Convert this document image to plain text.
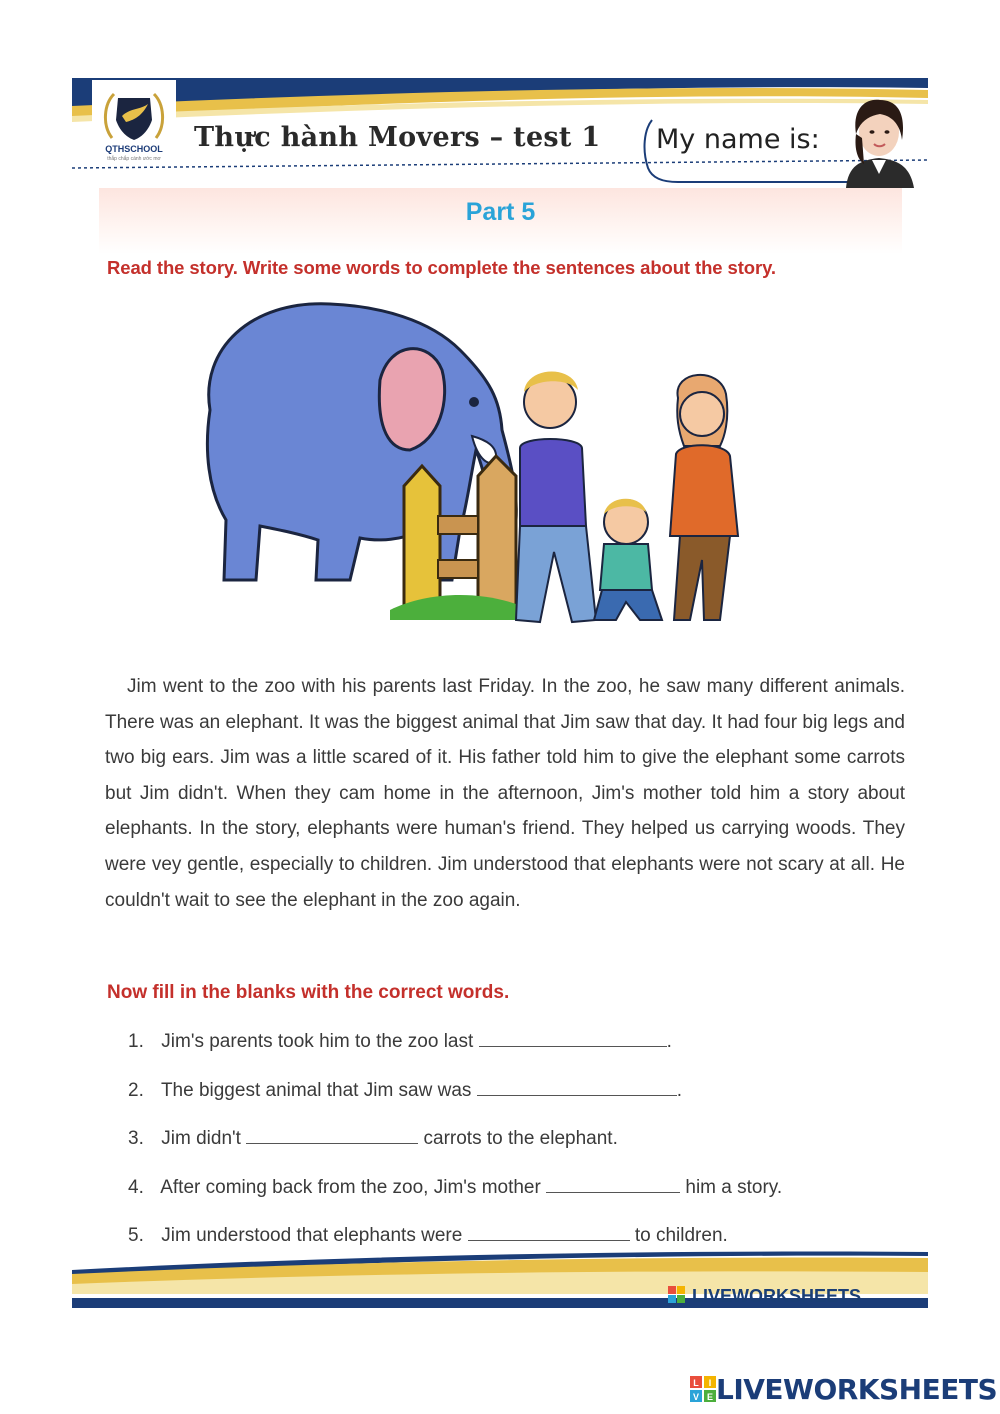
QTHSCHOOL
thắp chắp cánh ước mơ
Thực hành Movers – test 1 My name is:
Part 5
Read the story. Write some words to complete the sentences about the story.

Jim went to the zoo with his parents last Friday. In the zoo, he saw many different animals. There was an elephant. It was the biggest animal that Jim saw that day. It had four big legs and two big ears. Jim was a little scared of it. His father told him to give the elephant some carrots but Jim didn't. When they cam home in the afternoon, Jim's mother told him a story about elephants. In the story, elephants were human's friend. They helped us carrying woods. They were vey gentle, especially to children. Jim understood that elephants were not scary at all. He couldn't wait to see the elephant in the zoo again.

Now fill in the blanks with the correct words.
1. Jim's parents took him to the zoo last	.
2. The biggest animal that Jim saw was	.
3. Jim didn't	carrots to the elephant.
4. After coming back from the zoo, Jim's mother	him a story.
5. Jim understood that elephants were	to children.
LIVEWORKSHEETS
L I
V E LIVEWORKSHEETS
